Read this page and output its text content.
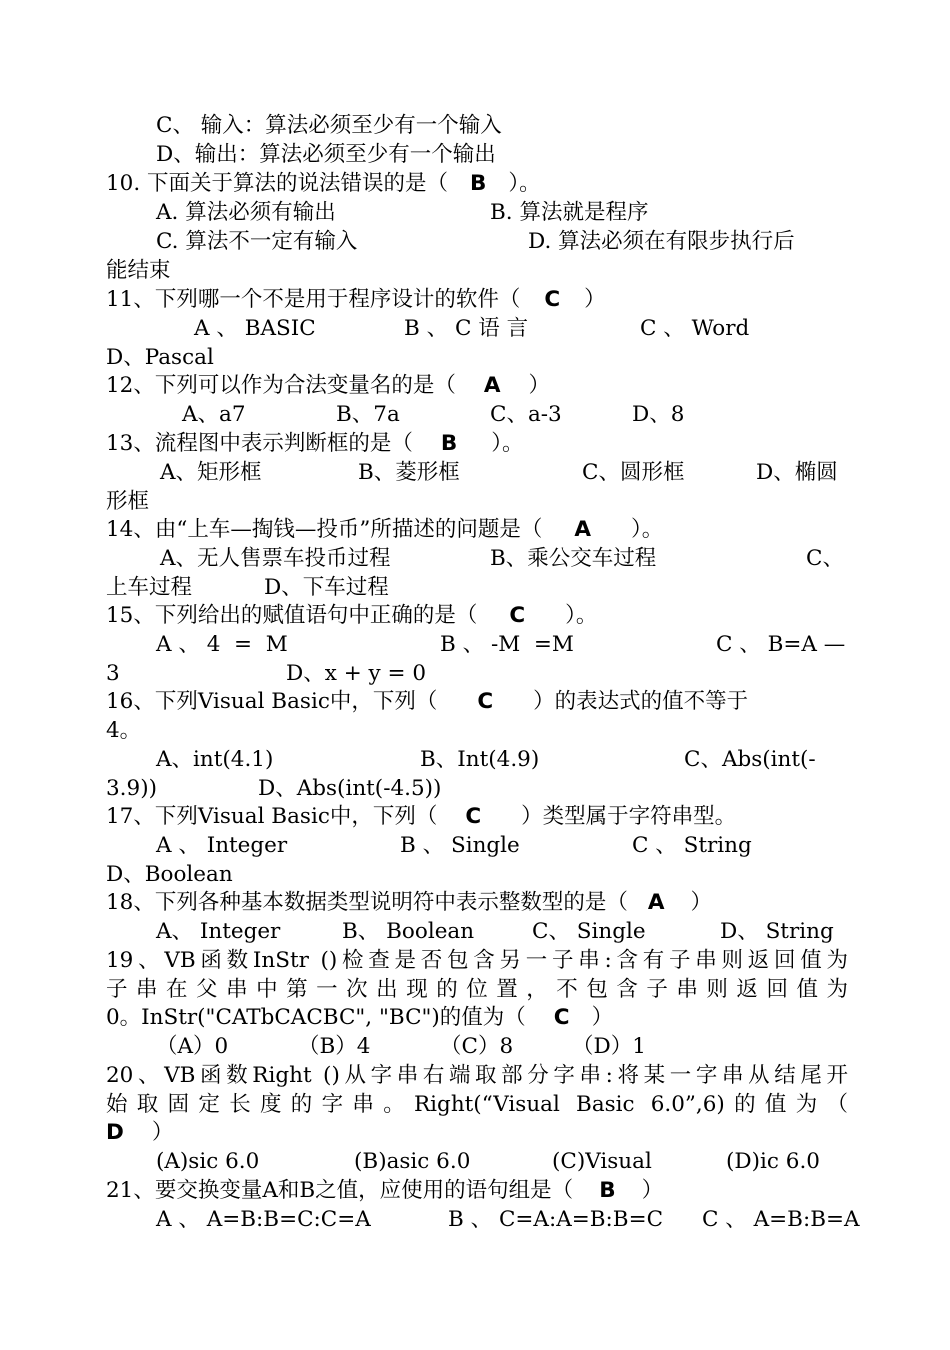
C、 输入：算法必须至少有一个输入
D、输出：算法必须至少有一个输出
10. 下面关于算法的说法错误的是（ B ）。

A. 算法必须有输出

	B. 算法就是程序

C. 算法不一定有输入

	D. 算法必须在有限步执行后

能结束
11、下列哪一个不是用于程序设计的软件（ C ）

A 、 BASIC

	B 、 C 语 言

	C 、 Word

D、Pascal
12、下列可以作为合法变量名的是（ A ）

A、a7

	B、7a

	C、a-3

	D、8

13、流程图中表示判断框的是（ B ）。

A、矩形框

	B、菱形框

	C、圆形框

	D、椭圆

形框
14、由“上车—掏钱—投币”所描述的问题是（ A ）。

A、无人售票车投币过程

	B、乘公交车过程

	C、

上车过程

	D、下车过程

15、下列给出的赋值语句中正确的是（ C ）。

A 、 4  =  M

	B 、 -M  =M

	C 、 B=A —

3

	D、x + y = 0

16、下列Visual Basic中，下列（ C ）的表达式的值不等于
4。

A、int(4.1)

	B、Int(4.9)

	C、Abs(int(-

3.9))

	D、Abs(int(-4.5))

17、下列Visual Basic中，下列（ C ）类型属于字符串型。

A 、 Integer

	B 、 Single

	C 、 String

D、Boolean
18、下列各种基本数据类型说明符中表示整数型的是（ A ）

A、 Integer

	B、 Boolean

	C、 Single

	D、 String

19、VB函数InStr ()检查是否包含另一子串:含有子串则返回值为
子 串 在 父 串 中 第 一 次 出 现 的 位 置 ， 不 包 含 子 串 则 返 回 值 为
0。InStr("CATbCACBC", "BC")的值为（ C ）

（A）0

	（B）4

	（C）8

	（D）1

20、VB函数Right ()从字串右端取部分字串:将某一字串从结尾开
始取固定长度的字串。Right(“Visual Basic 6.0”,6)的值为（
D ）

(A)sic 6.0

	(B)asic 6.0

	(C)Visual

	(D)ic 6.0

21、要交换变量A和B之值，应使用的语句组是（ B ）

A 、 A=B:B=C:C=A

	B 、 C=A:A=B:B=C

C 、 A=B:B=A
